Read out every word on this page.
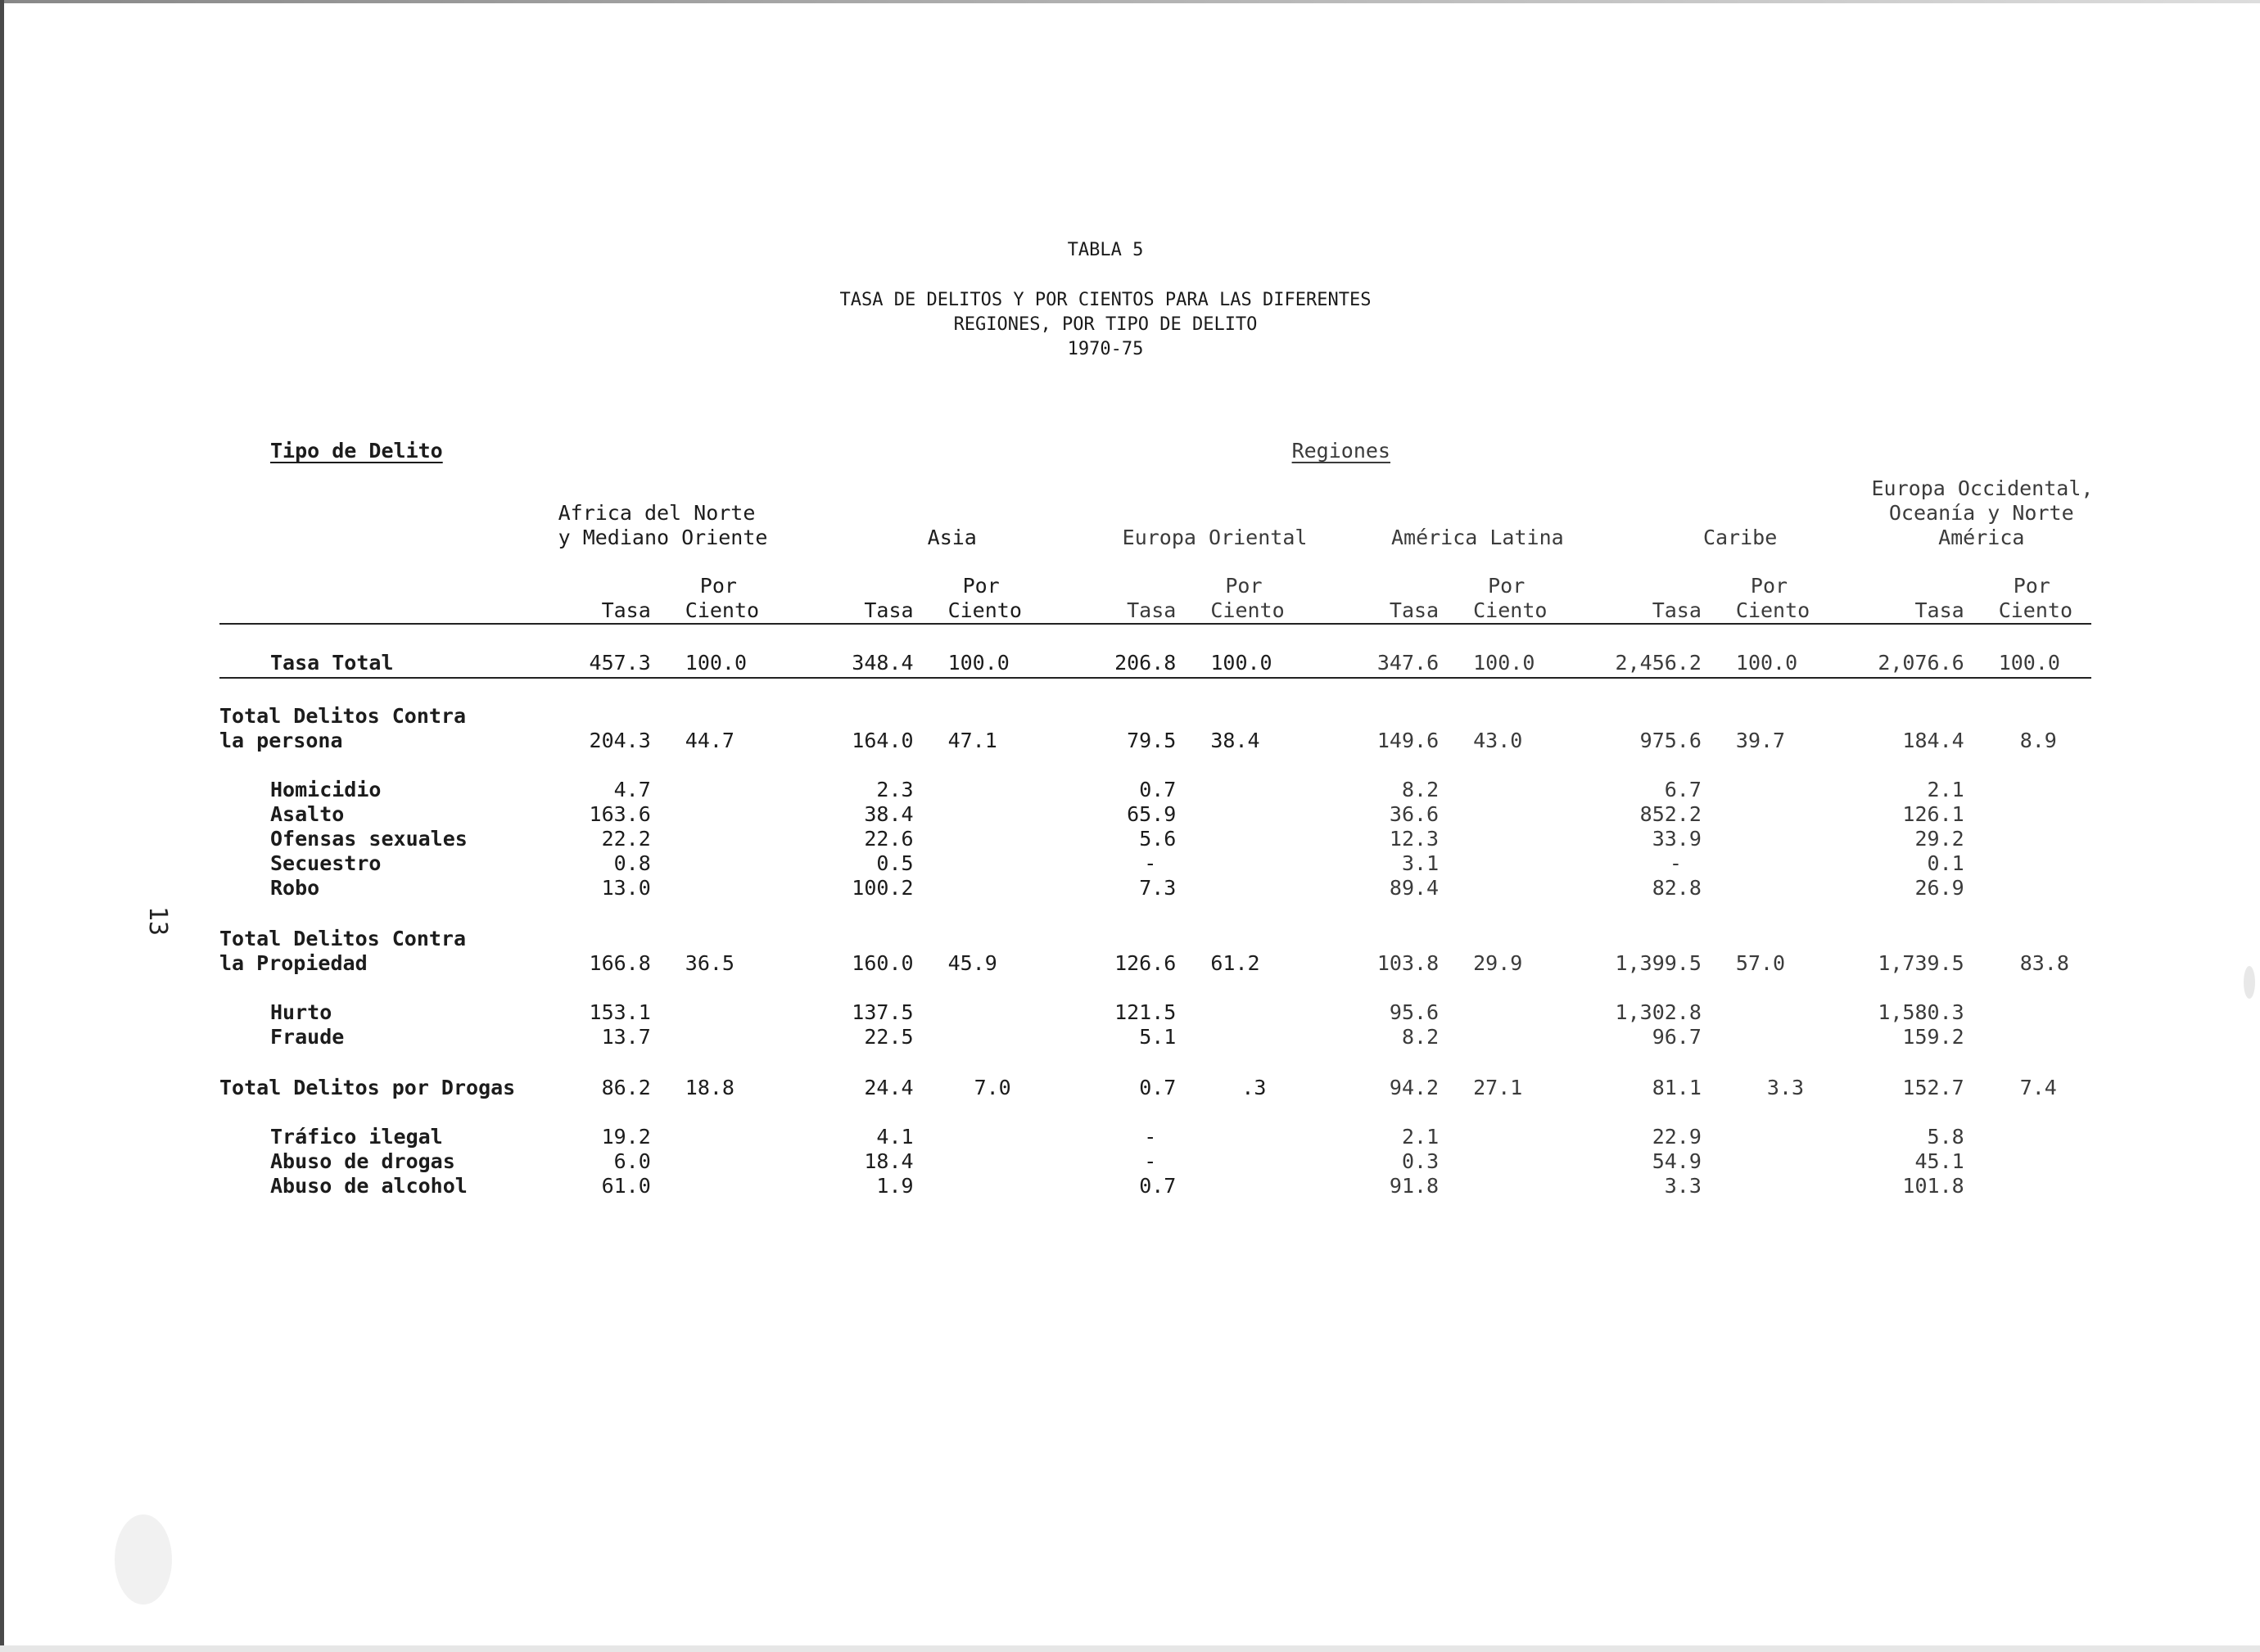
13
TABLA 5
TASA DE DELITOS Y POR CIENTOS PARA LAS DIFERENTES
REGIONES, POR TIPO DE DELITO
1970-75
Tipo de Delito	Regiones											
	Africa del Norte
y Mediano Oriente		Asia		Europa Oriental		América Latina		Caribe		Europa Occidental,
Oceanía y Norte
América	
	Tasa	Por
Ciento	Tasa	Por
Ciento	Tasa	Por
Ciento	Tasa	Por
Ciento	Tasa	Por
Ciento	Tasa	Por
Ciento
Tasa Total	457.3	100.0	348.4	100.0	206.8	100.0	347.6	100.0	2,456.2	100.0	2,076.6	100.0
Total Delitos Contra
la persona	204.3	44.7	164.0	47.1	79.5	38.4	149.6	43.0	975.6	39.7	184.4	8.9
Homicidio	4.7		2.3		0.7		8.2		6.7		2.1	
Asalto	163.6		38.4		65.9		36.6		852.2		126.1	
Ofensas sexuales	22.2		22.6		5.6		12.3		33.9		29.2	
Secuestro	0.8		0.5		-		3.1		-		0.1	
Robo	13.0		100.2		7.3		89.4		82.8		26.9	
Total Delitos Contra
la Propiedad	166.8	36.5	160.0	45.9	126.6	61.2	103.8	29.9	1,399.5	57.0	1,739.5	83.8
Hurto	153.1		137.5		121.5		95.6		1,302.8		1,580.3	
Fraude	13.7		22.5		5.1		8.2		96.7		159.2	
Total Delitos por Drogas	86.2	18.8	24.4	7.0	0.7	.3	94.2	27.1	81.1	3.3	152.7	7.4
Tráfico ilegal	19.2		4.1		-		2.1		22.9		5.8	
Abuso de drogas	6.0		18.4		-		0.3		54.9		45.1	
Abuso de alcohol	61.0		1.9		0.7		91.8		3.3		101.8	
